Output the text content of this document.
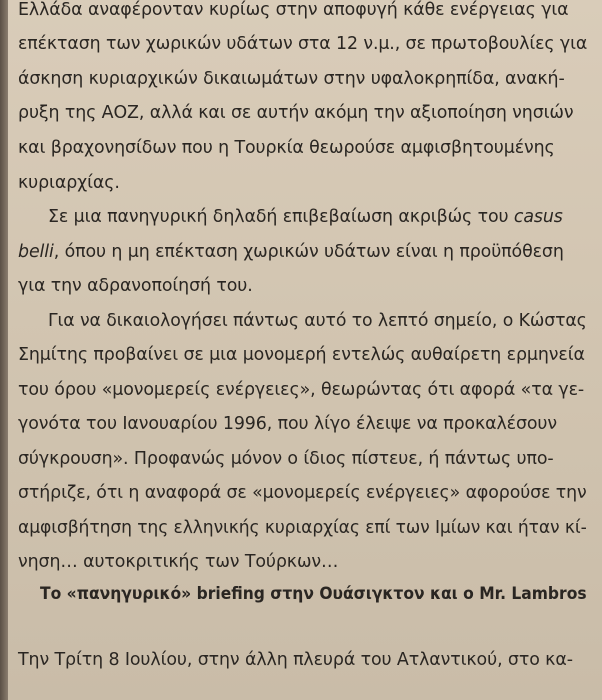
Ελλάδα αναφέρονταν κυρίως στην αποφυγή κάθε ενέργειας για
επέκταση των χωρικών υδάτων στα 12 ν.μ., σε πρωτοβουλίες για
άσκηση κυριαρχικών δικαιωμάτων στην υφαλοκρηπίδα, ανακή-
ρυξη της ΑΟΖ, αλλά και σε αυτήν ακόμη την αξιοποίηση νησιών
και βραχονησίδων που η Τουρκία θεωρούσε αμφισβητουμένης
κυριαρχίας.
Σε μια πανηγυρική δηλαδή επιβεβαίωση ακριβώς του casus
belli, όπου η μη επέκταση χωρικών υδάτων είναι η προϋπόθεση
για την αδρανοποίησή του.
Για να δικαιολογήσει πάντως αυτό το λεπτό σημείο, ο Κώστας
Σημίτης προβαίνει σε μια μονομερή εντελώς αυθαίρετη ερμηνεία
του όρου «μονομερείς ενέργειες», θεωρώντας ότι αφορά «τα γε-
γονότα του Ιανουαρίου 1996, που λίγο έλειψε να προκαλέσουν
σύγκρουση». Προφανώς μόνον ο ίδιος πίστευε, ή πάντως υπο-
στήριζε, ότι η αναφορά σε «μονομερείς ενέργειες» αφορούσε την
αμφισβήτηση της ελληνικής κυριαρχίας επί των Ιμίων και ήταν κί-
νηση… αυτοκριτικής των Τούρκων…
Το «πανηγυρικό» briefing στην Ουάσιγκτον και ο Mr. Lambros
Την Τρίτη 8 Ιουλίου, στην άλλη πλευρά του Ατλαντικού, στο κα-
